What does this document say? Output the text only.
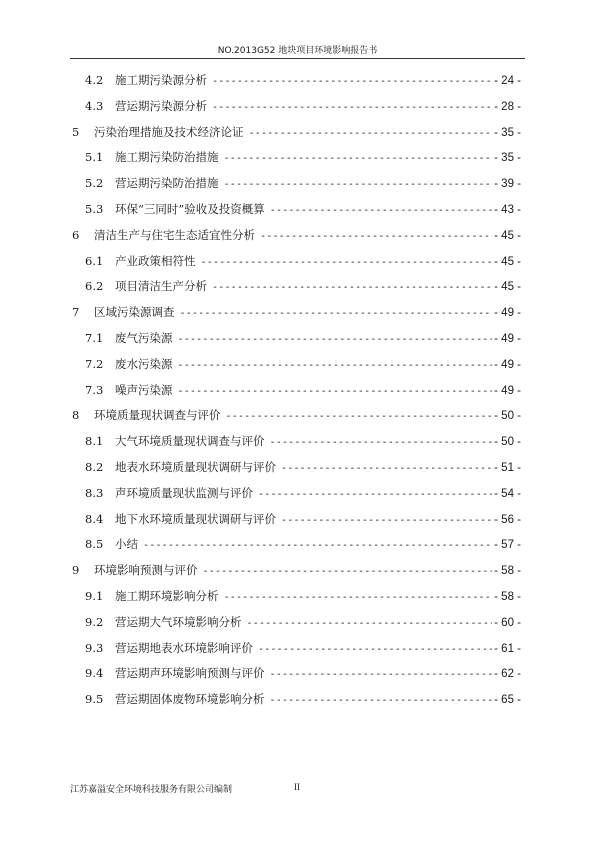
NO.2013G52 地块项目环境影响报告书
4.2	施工期污染源分析 -----	- 24 -
4.3	营运期污染源分析 -----	- 28 -
5	污染治理措施及技术经济论证 -----	- 35 -
5.1	施工期污染防治措施 -----	- 35 -
5.2	营运期污染防治措施 -----	- 39 -
5.3	环保“三同时”验收及投资概算 -----	- 43 -
6	清洁生产与住宅生态适宜性分析 -----	- 45 -
6.1	产业政策相符性 -----	- 45 -
6.2	项目清洁生产分析 -----	- 45 -
7	区域污染源调查 -----	- 49 -
7.1	废气污染源 -----	- 49 -
7.2	废水污染源 -----	- 49 -
7.3	噪声污染源 -----	- 49 -
8	环境质量现状调查与评价 -----	- 50 -
8.1	大气环境质量现状调查与评价 -----	- 50 -
8.2	地表水环境质量现状调研与评价 -----	- 51 -
8.3	声环境质量现状监测与评价 -----	- 54 -
8.4	地下水环境质量现状调研与评价 -----	- 56 -
8.5	小结 -----	- 57 -
9	环境影响预测与评价 -----	- 58 -
9.1	施工期环境影响分析 -----	- 58 -
9.2	营运期大气环境影响分析 -----	- 60 -
9.3	营运期地表水环境影响评价 -----	- 61 -
9.4	营运期声环境影响预测与评价 -----	- 62 -
9.5	营运期固体废物环境影响分析 -----	- 65 -
江苏嘉溢安全环境科技服务有限公司编制	II
